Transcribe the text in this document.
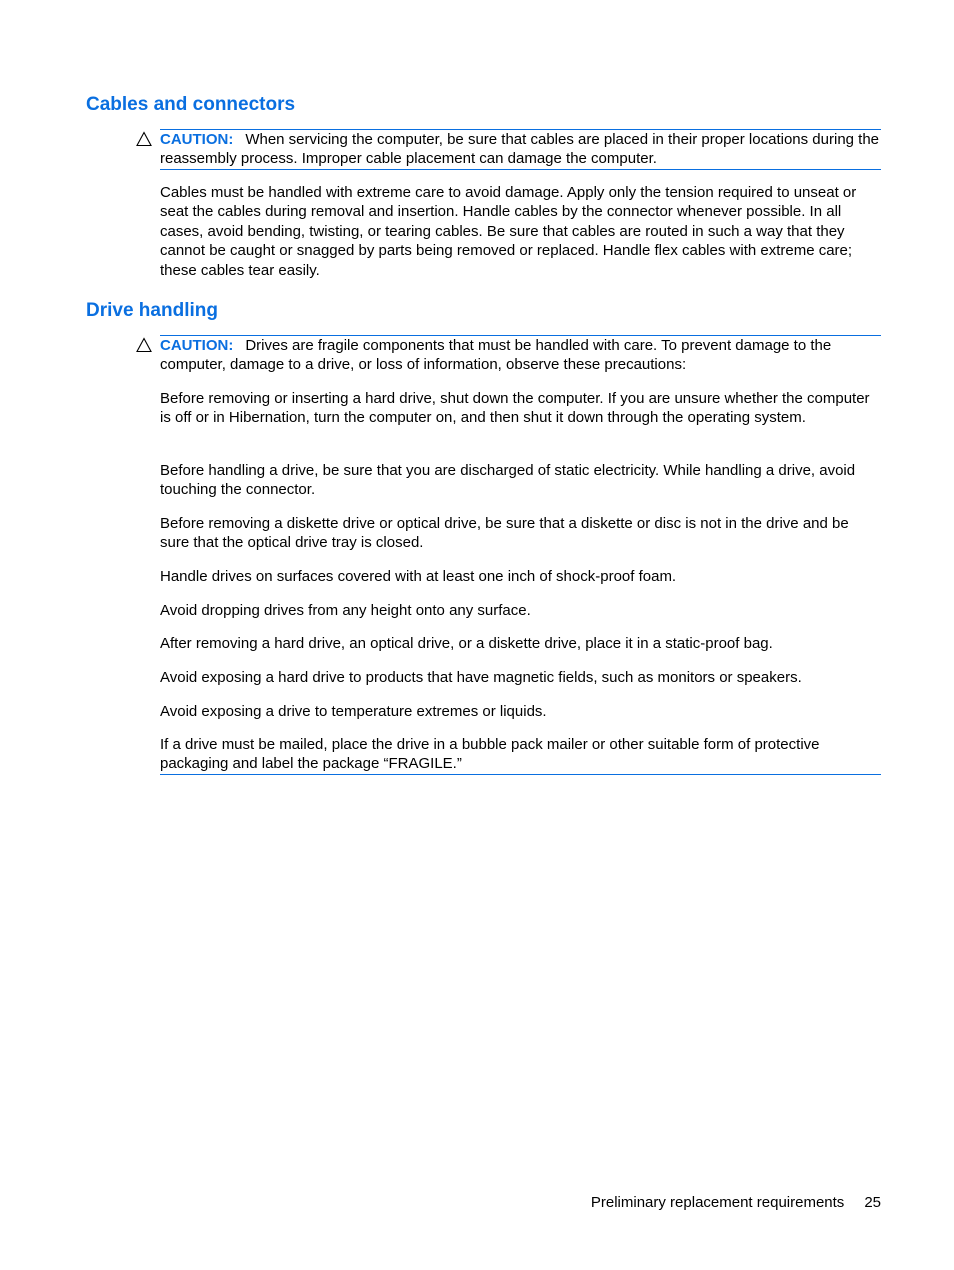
Cables and connectors
CAUTION: When servicing the computer, be sure that cables are placed in their proper locations during the reassembly process. Improper cable placement can damage the computer.

Cables must be handled with extreme care to avoid damage. Apply only the tension required to unseat or seat the cables during removal and insertion. Handle cables by the connector whenever possible. In all cases, avoid bending, twisting, or tearing cables. Be sure that cables are routed in such a way that they cannot be caught or snagged by parts being removed or replaced. Handle flex cables with extreme care; these cables tear easily.

Drive handling
CAUTION: Drives are fragile components that must be handled with care. To prevent damage to the computer, damage to a drive, or loss of information, observe these precautions:

Before removing or inserting a hard drive, shut down the computer. If you are unsure whether the computer is off or in Hibernation, turn the computer on, and then shut it down through the operating system.

Before handling a drive, be sure that you are discharged of static electricity. While handling a drive, avoid touching the connector.

Before removing a diskette drive or optical drive, be sure that a diskette or disc is not in the drive and be sure that the optical drive tray is closed.

Handle drives on surfaces covered with at least one inch of shock-proof foam.

Avoid dropping drives from any height onto any surface.

After removing a hard drive, an optical drive, or a diskette drive, place it in a static-proof bag.

Avoid exposing a hard drive to products that have magnetic fields, such as monitors or speakers.

Avoid exposing a drive to temperature extremes or liquids.

If a drive must be mailed, place the drive in a bubble pack mailer or other suitable form of protective packaging and label the package “FRAGILE.”

Preliminary replacement requirements 25
